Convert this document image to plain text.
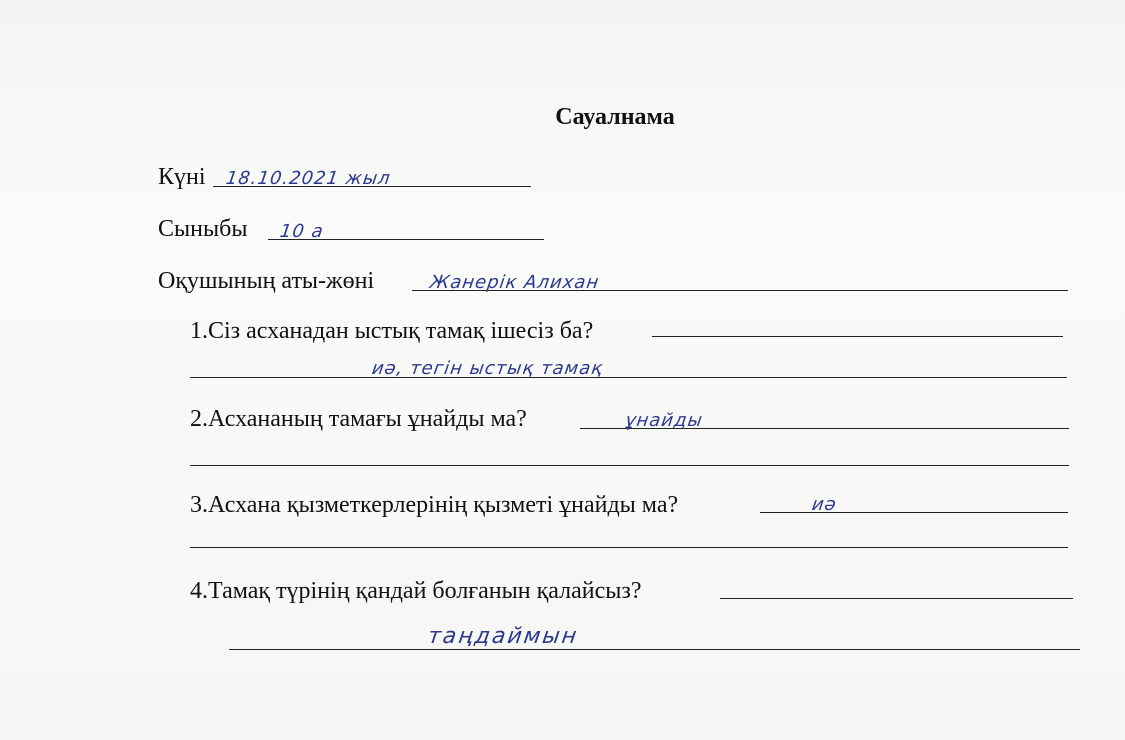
Сауалнама
Күні 18.10.2021 жыл
Сыныбы 10 а
Оқушының аты-жөні	Жанерік Алихан
1.Сіз асханадан ыстық тамақ ішесіз ба?
иә, тегін ыстық тамақ
2.Асхананың тамағы ұнайды ма?	ұнайды
3.Асхана қызметкерлерінің қызметі ұнайды ма?	иә
4.Тамақ түрінің қандай болғанын қалайсыз?
таңдаймын
